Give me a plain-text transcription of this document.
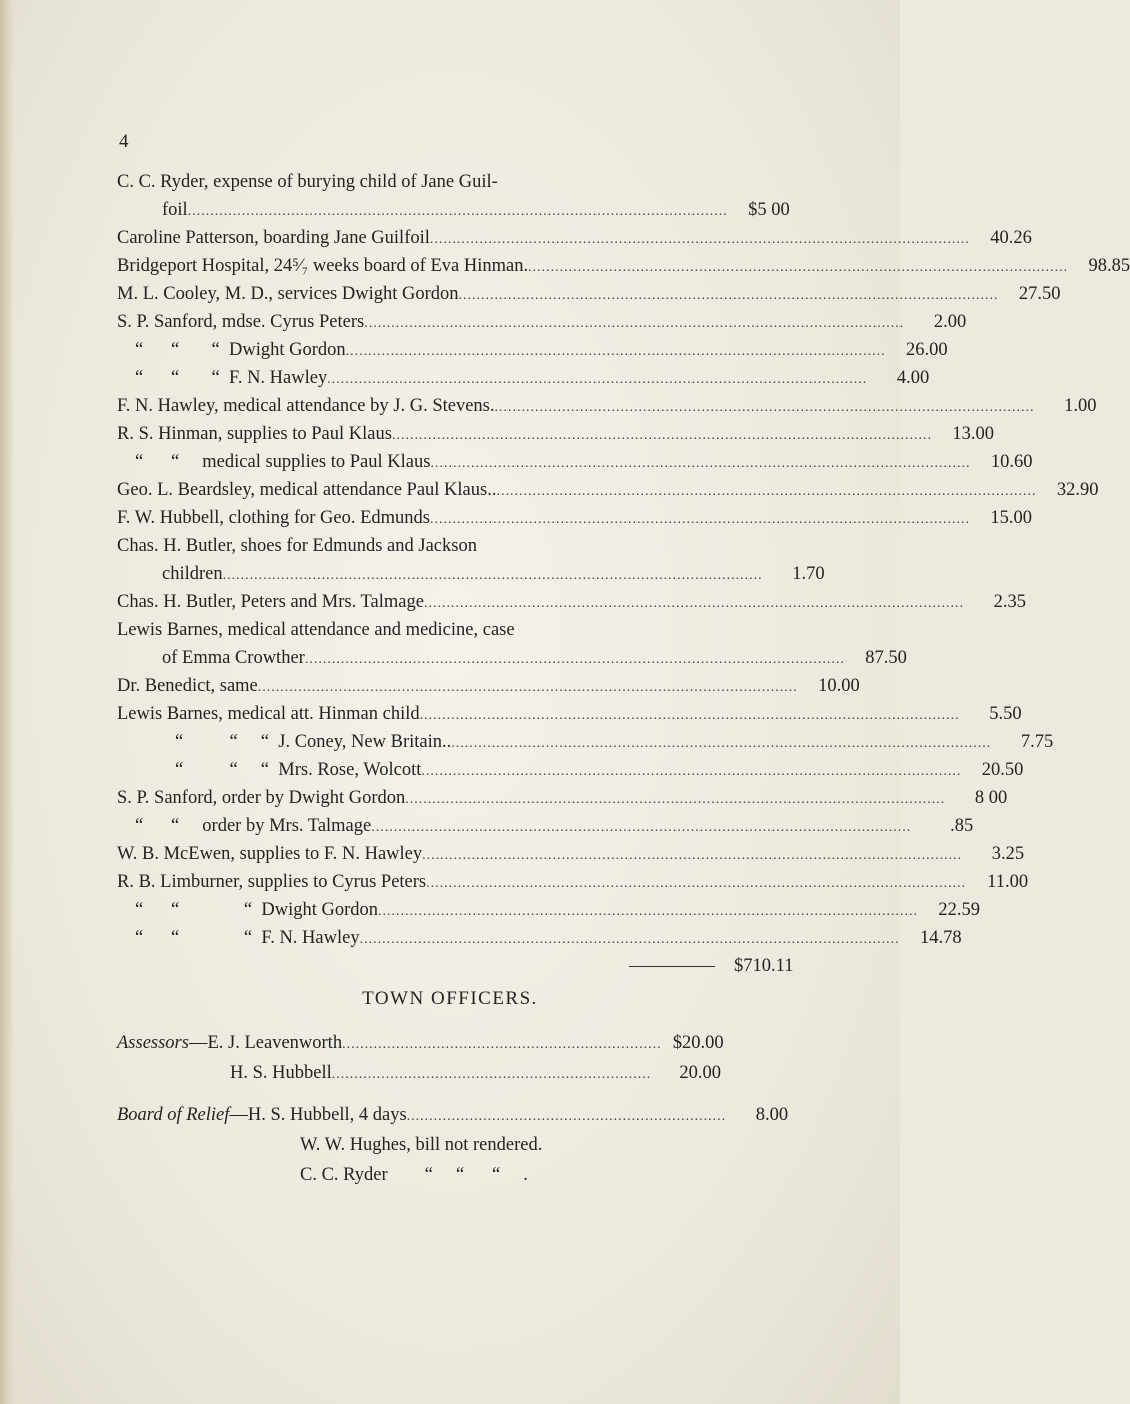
4
C. C. Ryder, expense of burying child of Jane Guil-
foil ........................................................................................................................	$5 00
Caroline Patterson, boarding Jane Guilfoil ........................................................................................................................	40.26
Bridgeport Hospital, 24⁵⁄₇ weeks board of Eva Hinman. ........................................................................................................................	98.85
M. L. Cooley, M. D., services Dwight Gordon ........................................................................................................................	27.50
S. P. Sanford, mdse. Cyrus Peters ........................................................................................................................	2.00
“      “       “  Dwight Gordon ........................................................................................................................	26.00
“      “       “  F. N. Hawley ........................................................................................................................	4.00
F. N. Hawley, medical attendance by J. G. Stevens. ........................................................................................................................	1.00
R. S. Hinman, supplies to Paul Klaus ........................................................................................................................	13.00
“      “     medical supplies to Paul Klaus ........................................................................................................................	10.60
Geo. L. Beardsley, medical attendance Paul Klaus.. ........................................................................................................................	32.90
F. W. Hubbell, clothing for Geo. Edmunds ........................................................................................................................	15.00
Chas. H. Butler, shoes for Edmunds and Jackson
children ........................................................................................................................	1.70
Chas. H. Butler, Peters and Mrs. Talmage ........................................................................................................................	2.35
Lewis Barnes, medical attendance and medicine, case
of Emma Crowther ........................................................................................................................	87.50
Dr. Benedict, same ........................................................................................................................	10.00
Lewis Barnes, medical att. Hinman child ........................................................................................................................	5.50
“          “     “  J. Coney, New Britain.. ........................................................................................................................	7.75
“          “     “  Mrs. Rose, Wolcott ........................................................................................................................	20.50
S. P. Sanford, order by Dwight Gordon ........................................................................................................................	8 00
“      “     order by Mrs. Talmage ........................................................................................................................	.85
W. B. McEwen, supplies to F. N. Hawley ........................................................................................................................	3.25
R. B. Limburner, supplies to Cyrus Peters ........................................................................................................................	11.00
“      “              “  Dwight Gordon ........................................................................................................................	22.59
“      “              “  F. N. Hawley ........................................................................................................................	14.78
$710.11
TOWN OFFICERS.
Assessors—E. J. Leavenworth ....................................................................... $20.00
H. S. Hubbell .......................................................................	20.00
Board of Relief—H. S. Hubbell, 4 days .......................................................................	8.00
W. W. Hughes, bill not rendered.
C. C. Ryder        “     “      “     .
